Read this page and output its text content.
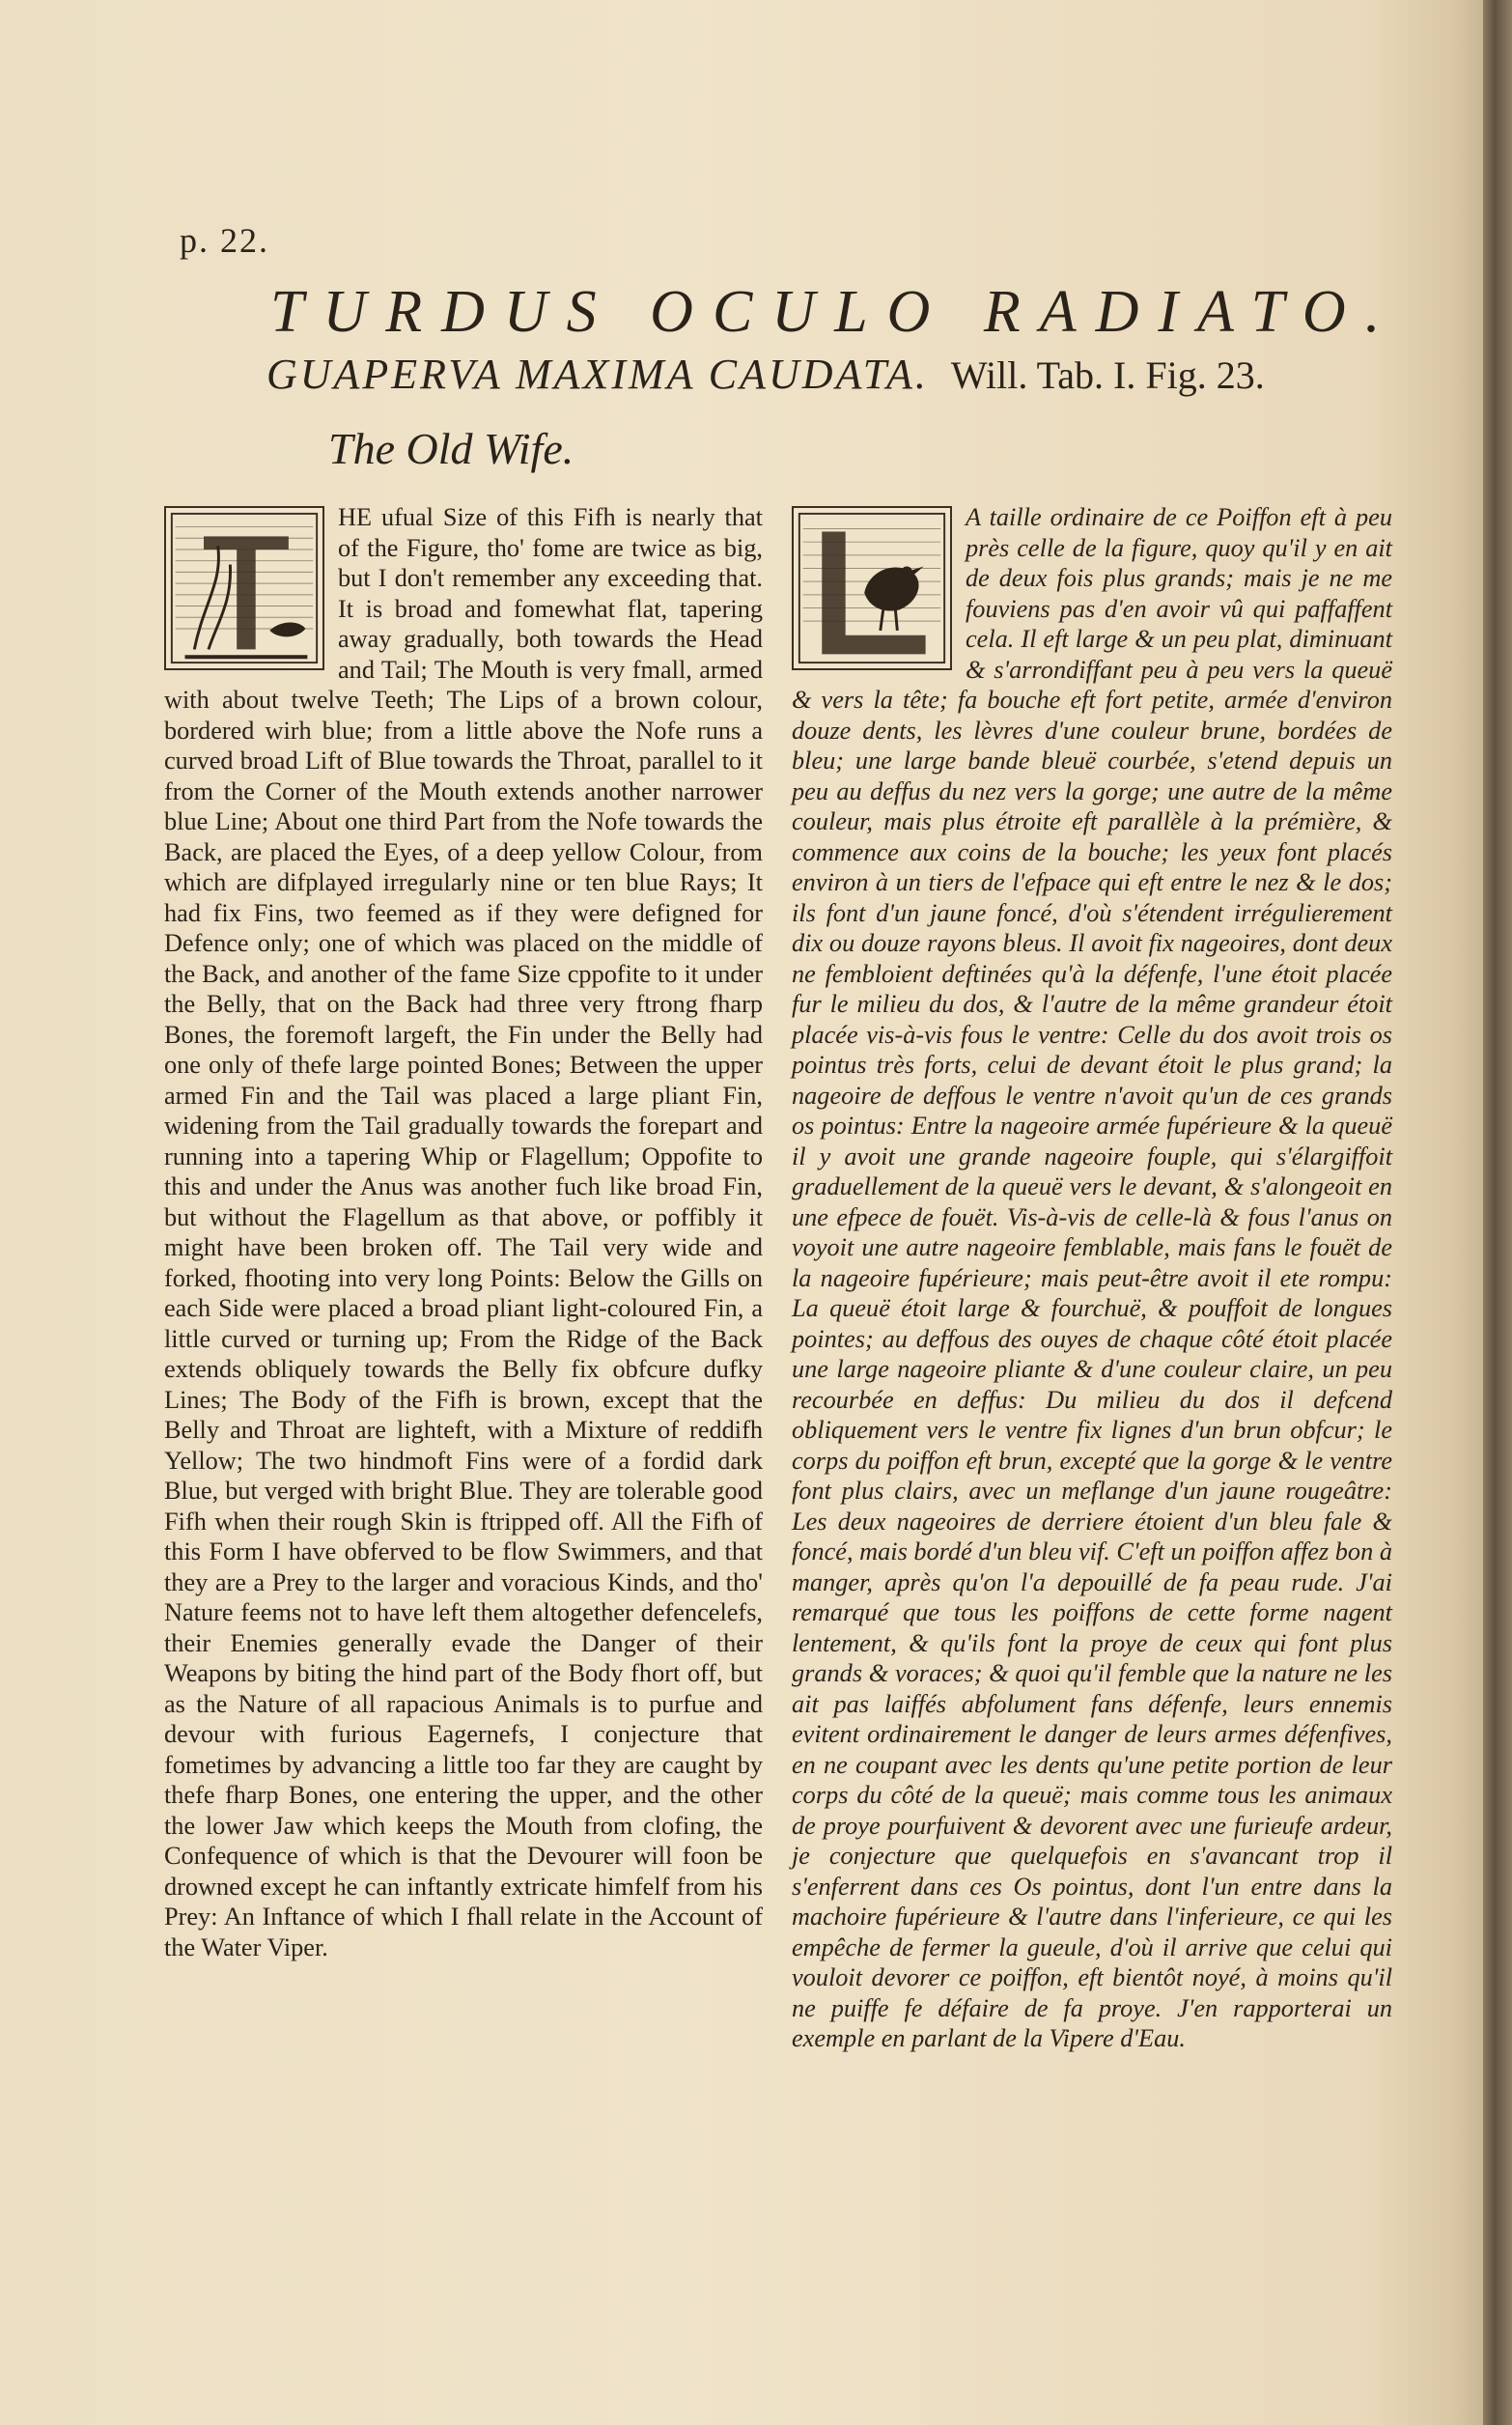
p. 22.
TURDUS OCULO RADIATO.
GUAPERVA MAXIMA CAUDATA. Will. Tab. I. Fig. 23.
The Old Wife.

HE ufual Size of this Fifh is nearly that of the Figure, tho' fome are twice as big, but I don't remember any exceeding that. It is broad and fomewhat flat, tapering away gradually, both towards the Head and Tail; The Mouth is very fmall, armed with about twelve Teeth; The Lips of a brown colour, bordered wirh blue; from a little above the Nofe runs a curved broad Lift of Blue towards the Throat, parallel to it from the Corner of the Mouth extends another narrower blue Line; About one third Part from the Nofe towards the Back, are placed the Eyes, of a deep yellow Colour, from which are difplayed irregularly nine or ten blue Rays; It had fix Fins, two feemed as if they were defigned for Defence only; one of which was placed on the middle of the Back, and another of the fame Size cppofite to it under the Belly, that on the Back had three very ftrong fharp Bones, the foremoft largeft, the Fin under the Belly had one only of thefe large pointed Bones; Between the upper armed Fin and the Tail was placed a large pliant Fin, widening from the Tail gradually towards the forepart and running into a tapering Whip or Flagellum; Oppofite to this and under the Anus was another fuch like broad Fin, but without the Flagellum as that above, or poffibly it might have been broken off. The Tail very wide and forked, fhooting into very long Points: Below the Gills on each Side were placed a broad pliant light-coloured Fin, a little curved or turning up; From the Ridge of the Back extends obliquely towards the Belly fix obfcure dufky Lines; The Body of the Fifh is brown, except that the Belly and Throat are lighteft, with a Mixture of reddifh Yellow; The two hindmoft Fins were of a fordid dark Blue, but verged with bright Blue. They are tolerable good Fifh when their rough Skin is ftripped off. All the Fifh of this Form I have obferved to be flow Swimmers, and that they are a Prey to the larger and voracious Kinds, and tho' Nature feems not to have left them altogether defencelefs, their Enemies generally evade the Danger of their Weapons by biting the hind part of the Body fhort off, but as the Nature of all rapacious Animals is to purfue and devour with furious Eagernefs, I conjecture that fometimes by advancing a little too far they are caught by thefe fharp Bones, one entering the upper, and the other the lower Jaw which keeps the Mouth from clofing, the Confequence of which is that the Devourer will foon be drowned except he can inftantly extricate himfelf from his Prey: An Inftance of which I fhall relate in the Account of the Water Viper.

A taille ordinaire de ce Poiffon eft à peu près celle de la figure, quoy qu'il y en ait de deux fois plus grands; mais je ne me fouviens pas d'en avoir vû qui paffaffent cela. Il eft large & un peu plat, diminuant & s'arrondiffant peu à peu vers la queuë & vers la tête; fa bouche eft fort petite, armée d'environ douze dents, les lèvres d'une couleur brune, bordées de bleu; une large bande bleuë courbée, s'etend depuis un peu au deffus du nez vers la gorge; une autre de la même couleur, mais plus étroite eft parallèle à la prémière, & commence aux coins de la bouche; les yeux font placés environ à un tiers de l'efpace qui eft entre le nez & le dos; ils font d'un jaune foncé, d'où s'étendent irrégulierement dix ou douze rayons bleus. Il avoit fix nageoires, dont deux ne fembloient deftinées qu'à la défenfe, l'une étoit placée fur le milieu du dos, & l'autre de la même grandeur étoit placée vis-à-vis fous le ventre: Celle du dos avoit trois os pointus très forts, celui de devant étoit le plus grand; la nageoire de deffous le ventre n'avoit qu'un de ces grands os pointus: Entre la nageoire armée fupérieure & la queuë il y avoit une grande nageoire fouple, qui s'élargiffoit graduellement de la queuë vers le devant, & s'alongeoit en une efpece de fouët. Vis-à-vis de celle-là & fous l'anus on voyoit une autre nageoire femblable, mais fans le fouët de la nageoire fupérieure; mais peut-être avoit il ete rompu: La queuë étoit large & fourchuë, & pouffoit de longues pointes; au deffous des ouyes de chaque côté étoit placée une large nageoire pliante & d'une couleur claire, un peu recourbée en deffus: Du milieu du dos il defcend obliquement vers le ventre fix lignes d'un brun obfcur; le corps du poiffon eft brun, excepté que la gorge & le ventre font plus clairs, avec un meflange d'un jaune rougeâtre: Les deux nageoires de derriere étoient d'un bleu fale & foncé, mais bordé d'un bleu vif. C'eft un poiffon affez bon à manger, après qu'on l'a depouillé de fa peau rude. J'ai remarqué que tous les poiffons de cette forme nagent lentement, & qu'ils font la proye de ceux qui font plus grands & voraces; & quoi qu'il femble que la nature ne les ait pas laiffés abfolument fans défenfe, leurs ennemis evitent ordinairement le danger de leurs armes défenfives, en ne coupant avec les dents qu'une petite portion de leur corps du côté de la queuë; mais comme tous les animaux de proye pourfuivent & devorent avec une furieufe ardeur, je conjecture que quelquefois en s'avancant trop il s'enferrent dans ces Os pointus, dont l'un entre dans la machoire fupérieure & l'autre dans l'inferieure, ce qui les empêche de fermer la gueule, d'où il arrive que celui qui vouloit devorer ce poiffon, eft bientôt noyé, à moins qu'il ne puiffe fe défaire de fa proye. J'en rapporterai un exemple en parlant de la Vipere d'Eau.
